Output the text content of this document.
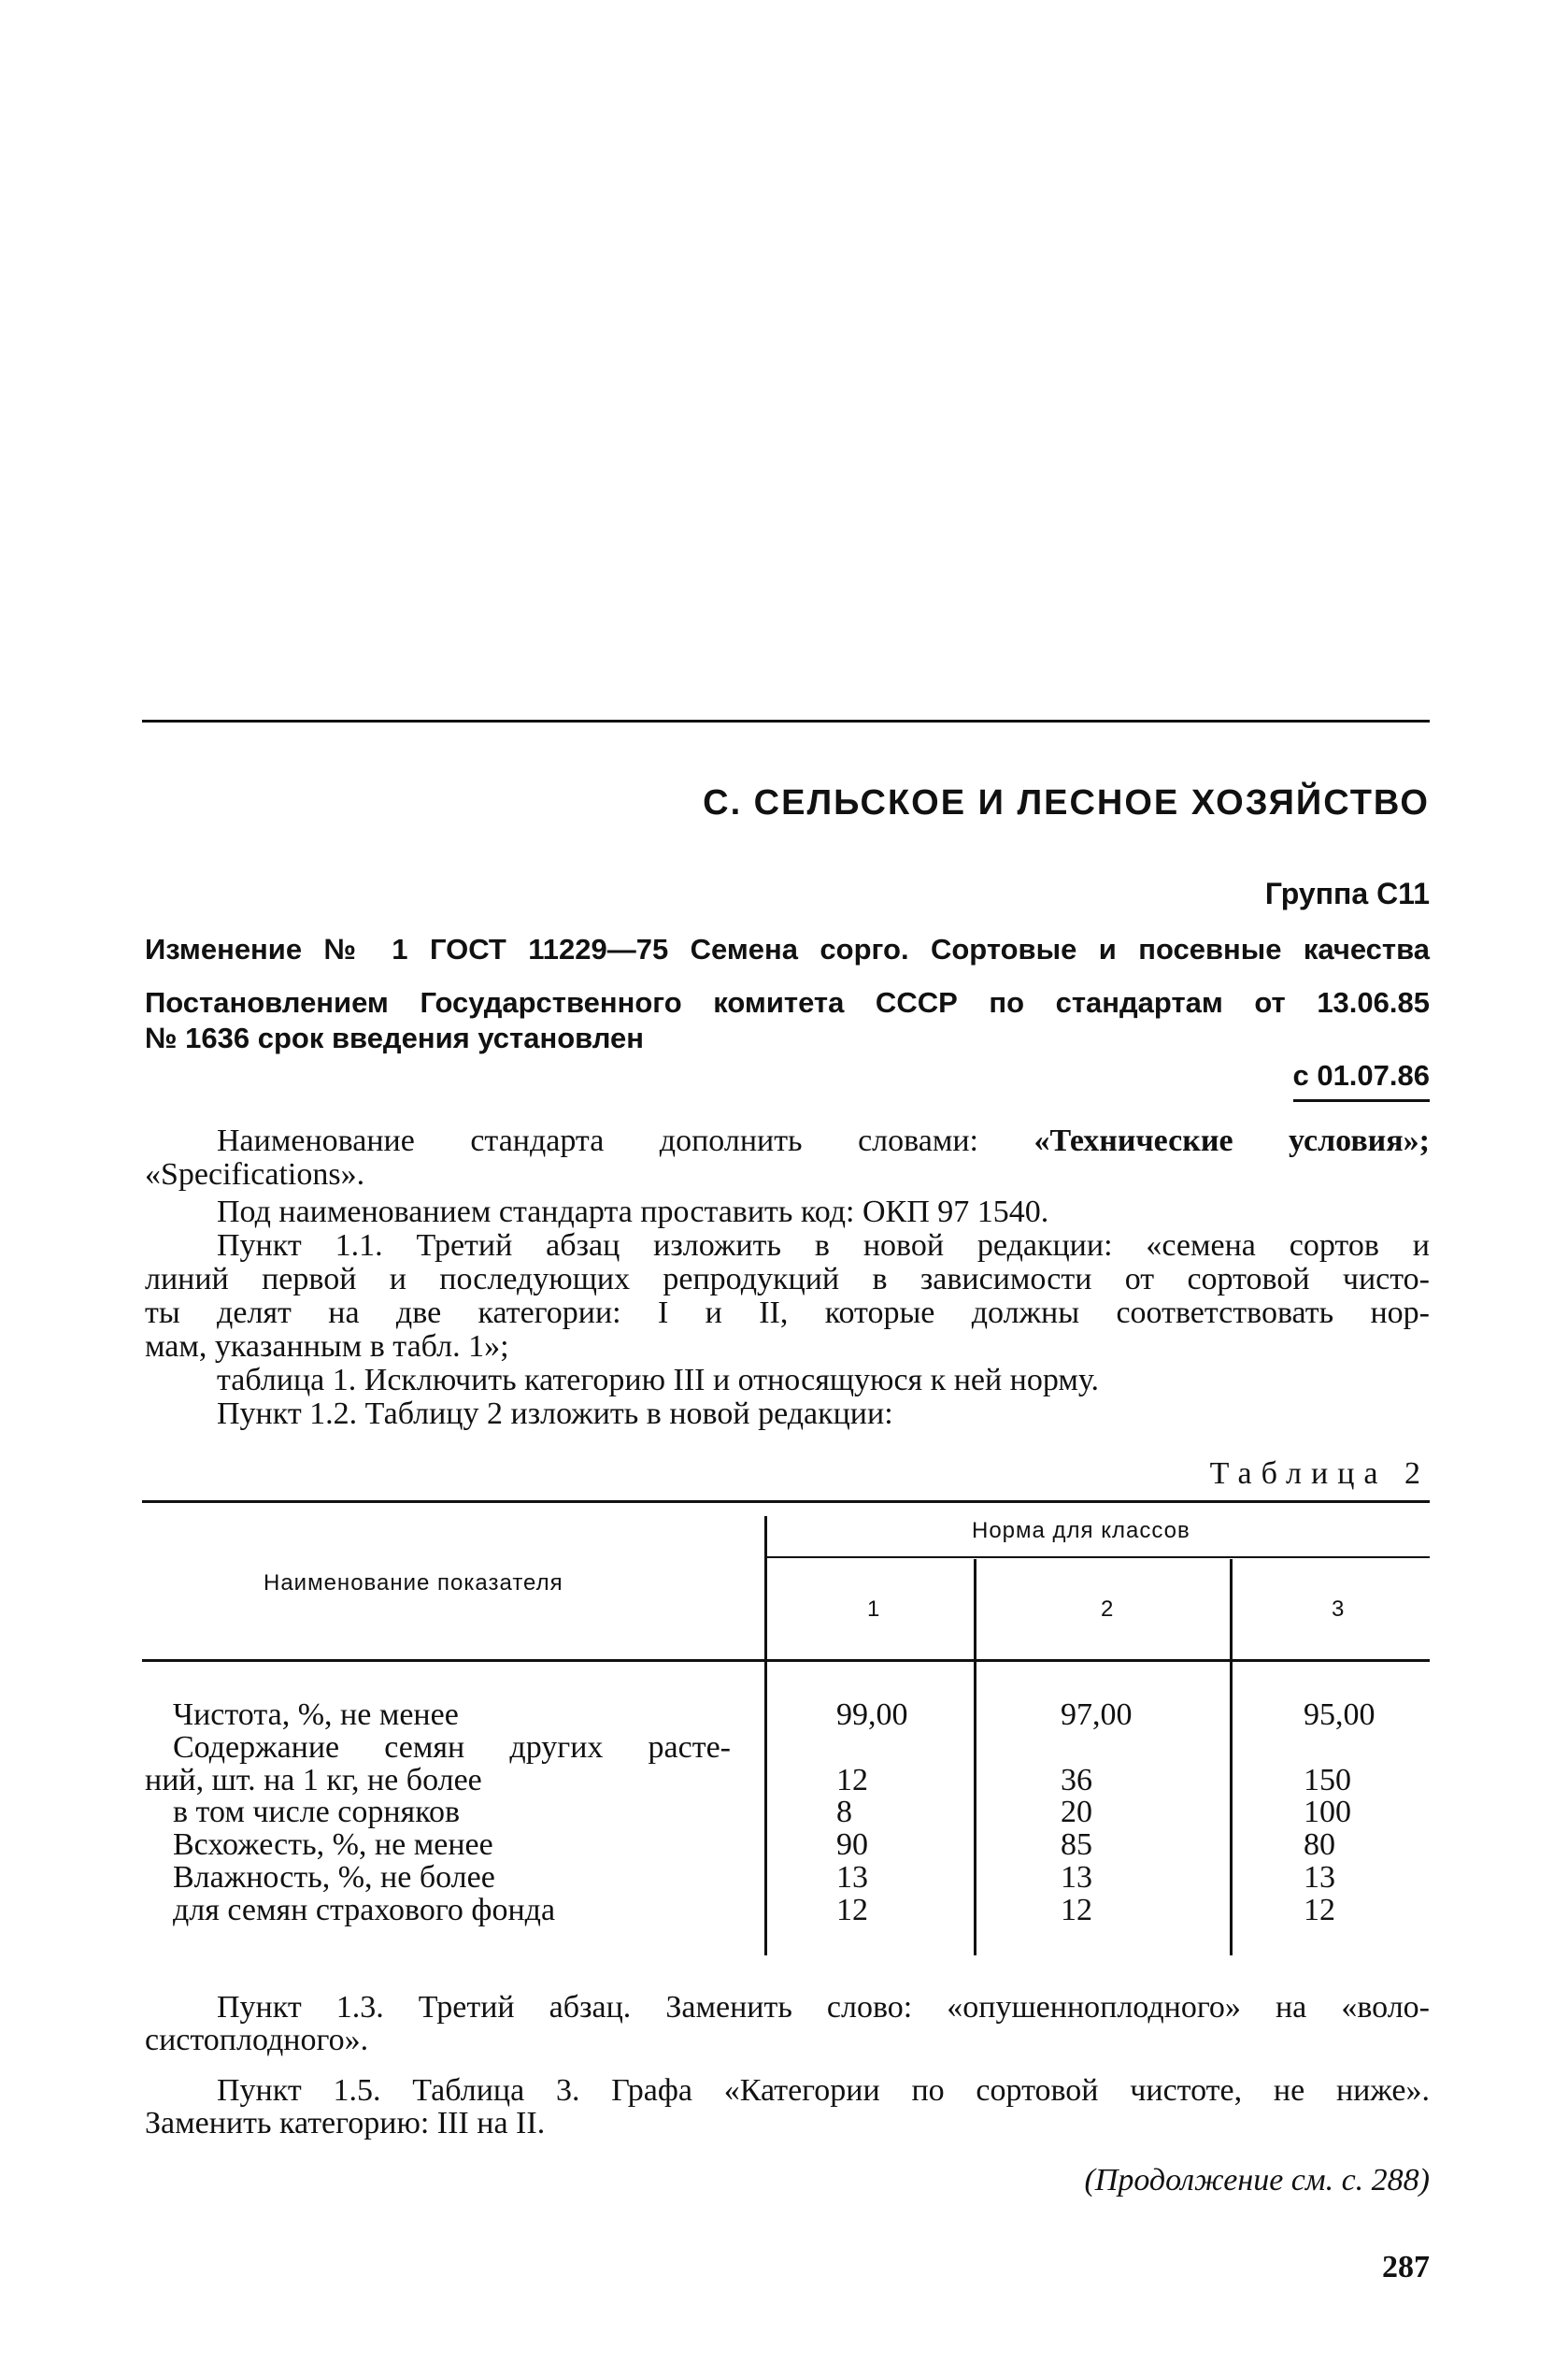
С. СЕЛЬСКОЕ И ЛЕСНОЕ ХОЗЯЙСТВО
Группа С11
Изменение № 1 ГОСТ 11229—75 Семена сорго. Сортовые и посевные качества
Постановлением Государственного комитета СССР по стандартам от 13.06.85
№ 1636 срок введения установлен
с 01.07.86
Наименование стандарта дополнить словами: «Технические условия»;
«Specifications».
Под наименованием стандарта проставить код: ОКП 97 1540.
Пункт 1.1. Третий абзац изложить в новой редакции: «семена сортов и
линий первой и последующих репродукций в зависимости от сортовой чисто-
ты делят на две категории: I и II, которые должны соответствовать нор-
мам, указанным в табл. 1»;
таблица 1. Исключить категорию III и относящуюся к ней норму.
Пункт 1.2. Таблицу 2 изложить в новой редакции:
Таблица 2
Наименование показателя
Норма для классов
1	2	3
Чистота, %, не менее	99,00	97,00	95,00
Содержание семян других расте-
ний, шт. на 1 кг, не более	12	36	150
в том числе сорняков	8	20	100
Всхожесть, %, не менее	90	85	80
Влажность, %, не более	13	13	13
для семян страхового фонда	12	12	12
Пункт 1.3. Третий абзац. Заменить слово: «опушенноплодного» на «воло-
систоплодного».
Пункт 1.5. Таблица 3. Графа «Категории по сортовой чистоте, не ниже».
Заменить категорию: III на II.
(Продолжение см. с. 288)
287
